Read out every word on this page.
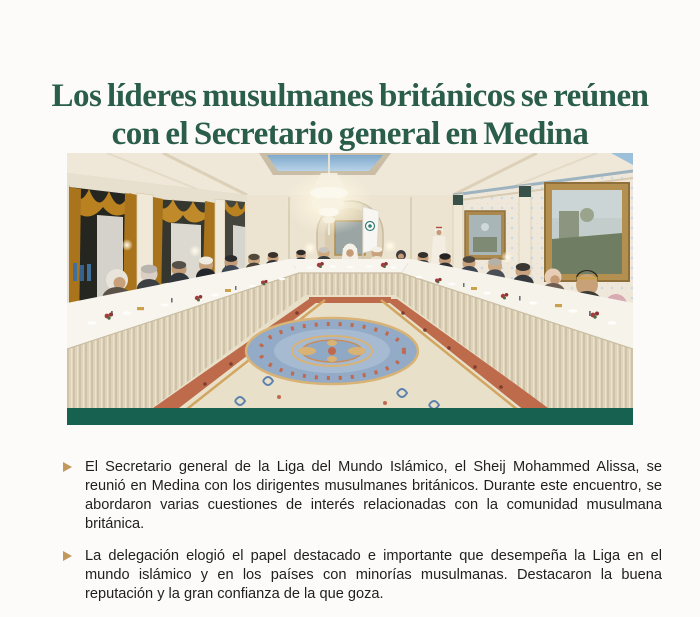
Los líderes musulmanes británicos se reúnen
con el Secretario general en Medina

El Secretario general de la Liga del Mundo Islámico, el Sheij Mohammed Alissa, se reunió en Medina con los dirigentes musulmanes británicos. Durante este encuentro, se abordaron varias cuestiones de interés relacionadas con la comunidad musulmana británica.

La delegación elogió el papel destacado e importante que desempeña la Liga en el mundo islámico y en los países con minorías musulmanas. Destacaron la buena reputación y la gran confianza de la que goza.
